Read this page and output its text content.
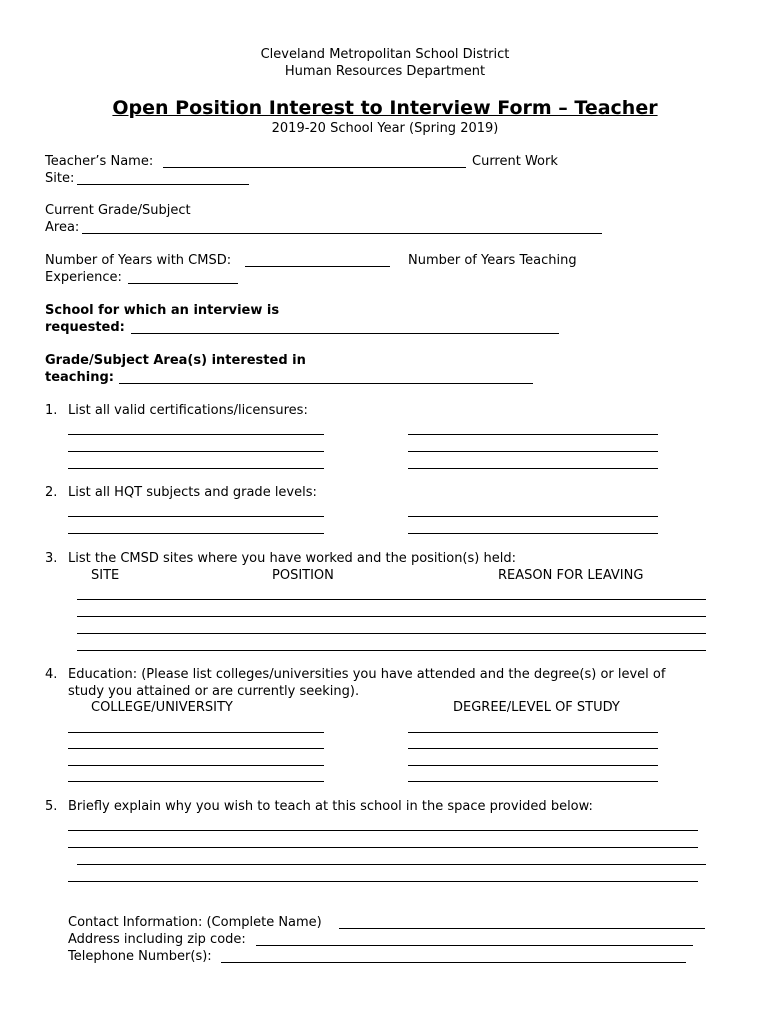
Cleveland Metropolitan School District
Human Resources Department
Open Position Interest to Interview Form – Teacher
2019-20 School Year (Spring 2019)
Teacher’s Name:	Current Work
Site:
Current Grade/Subject
Area:
Number of Years with CMSD:	Number of Years Teaching
Experience:
School for which an interview is
requested:
Grade/Subject Area(s) interested in
teaching:
1. List all valid certifications/licensures:
2. List all HQT subjects and grade levels:
3. List the CMSD sites where you have worked and the position(s) held:
SITE	POSITION	REASON FOR LEAVING
4. Education: (Please list colleges/universities you have attended and the degree(s) or level of
study you attained or are currently seeking).
COLLEGE/UNIVERSITY	DEGREE/LEVEL OF STUDY
5. Briefly explain why you wish to teach at this school in the space provided below:
Contact Information: (Complete Name)
Address including zip code:
Telephone Number(s):
